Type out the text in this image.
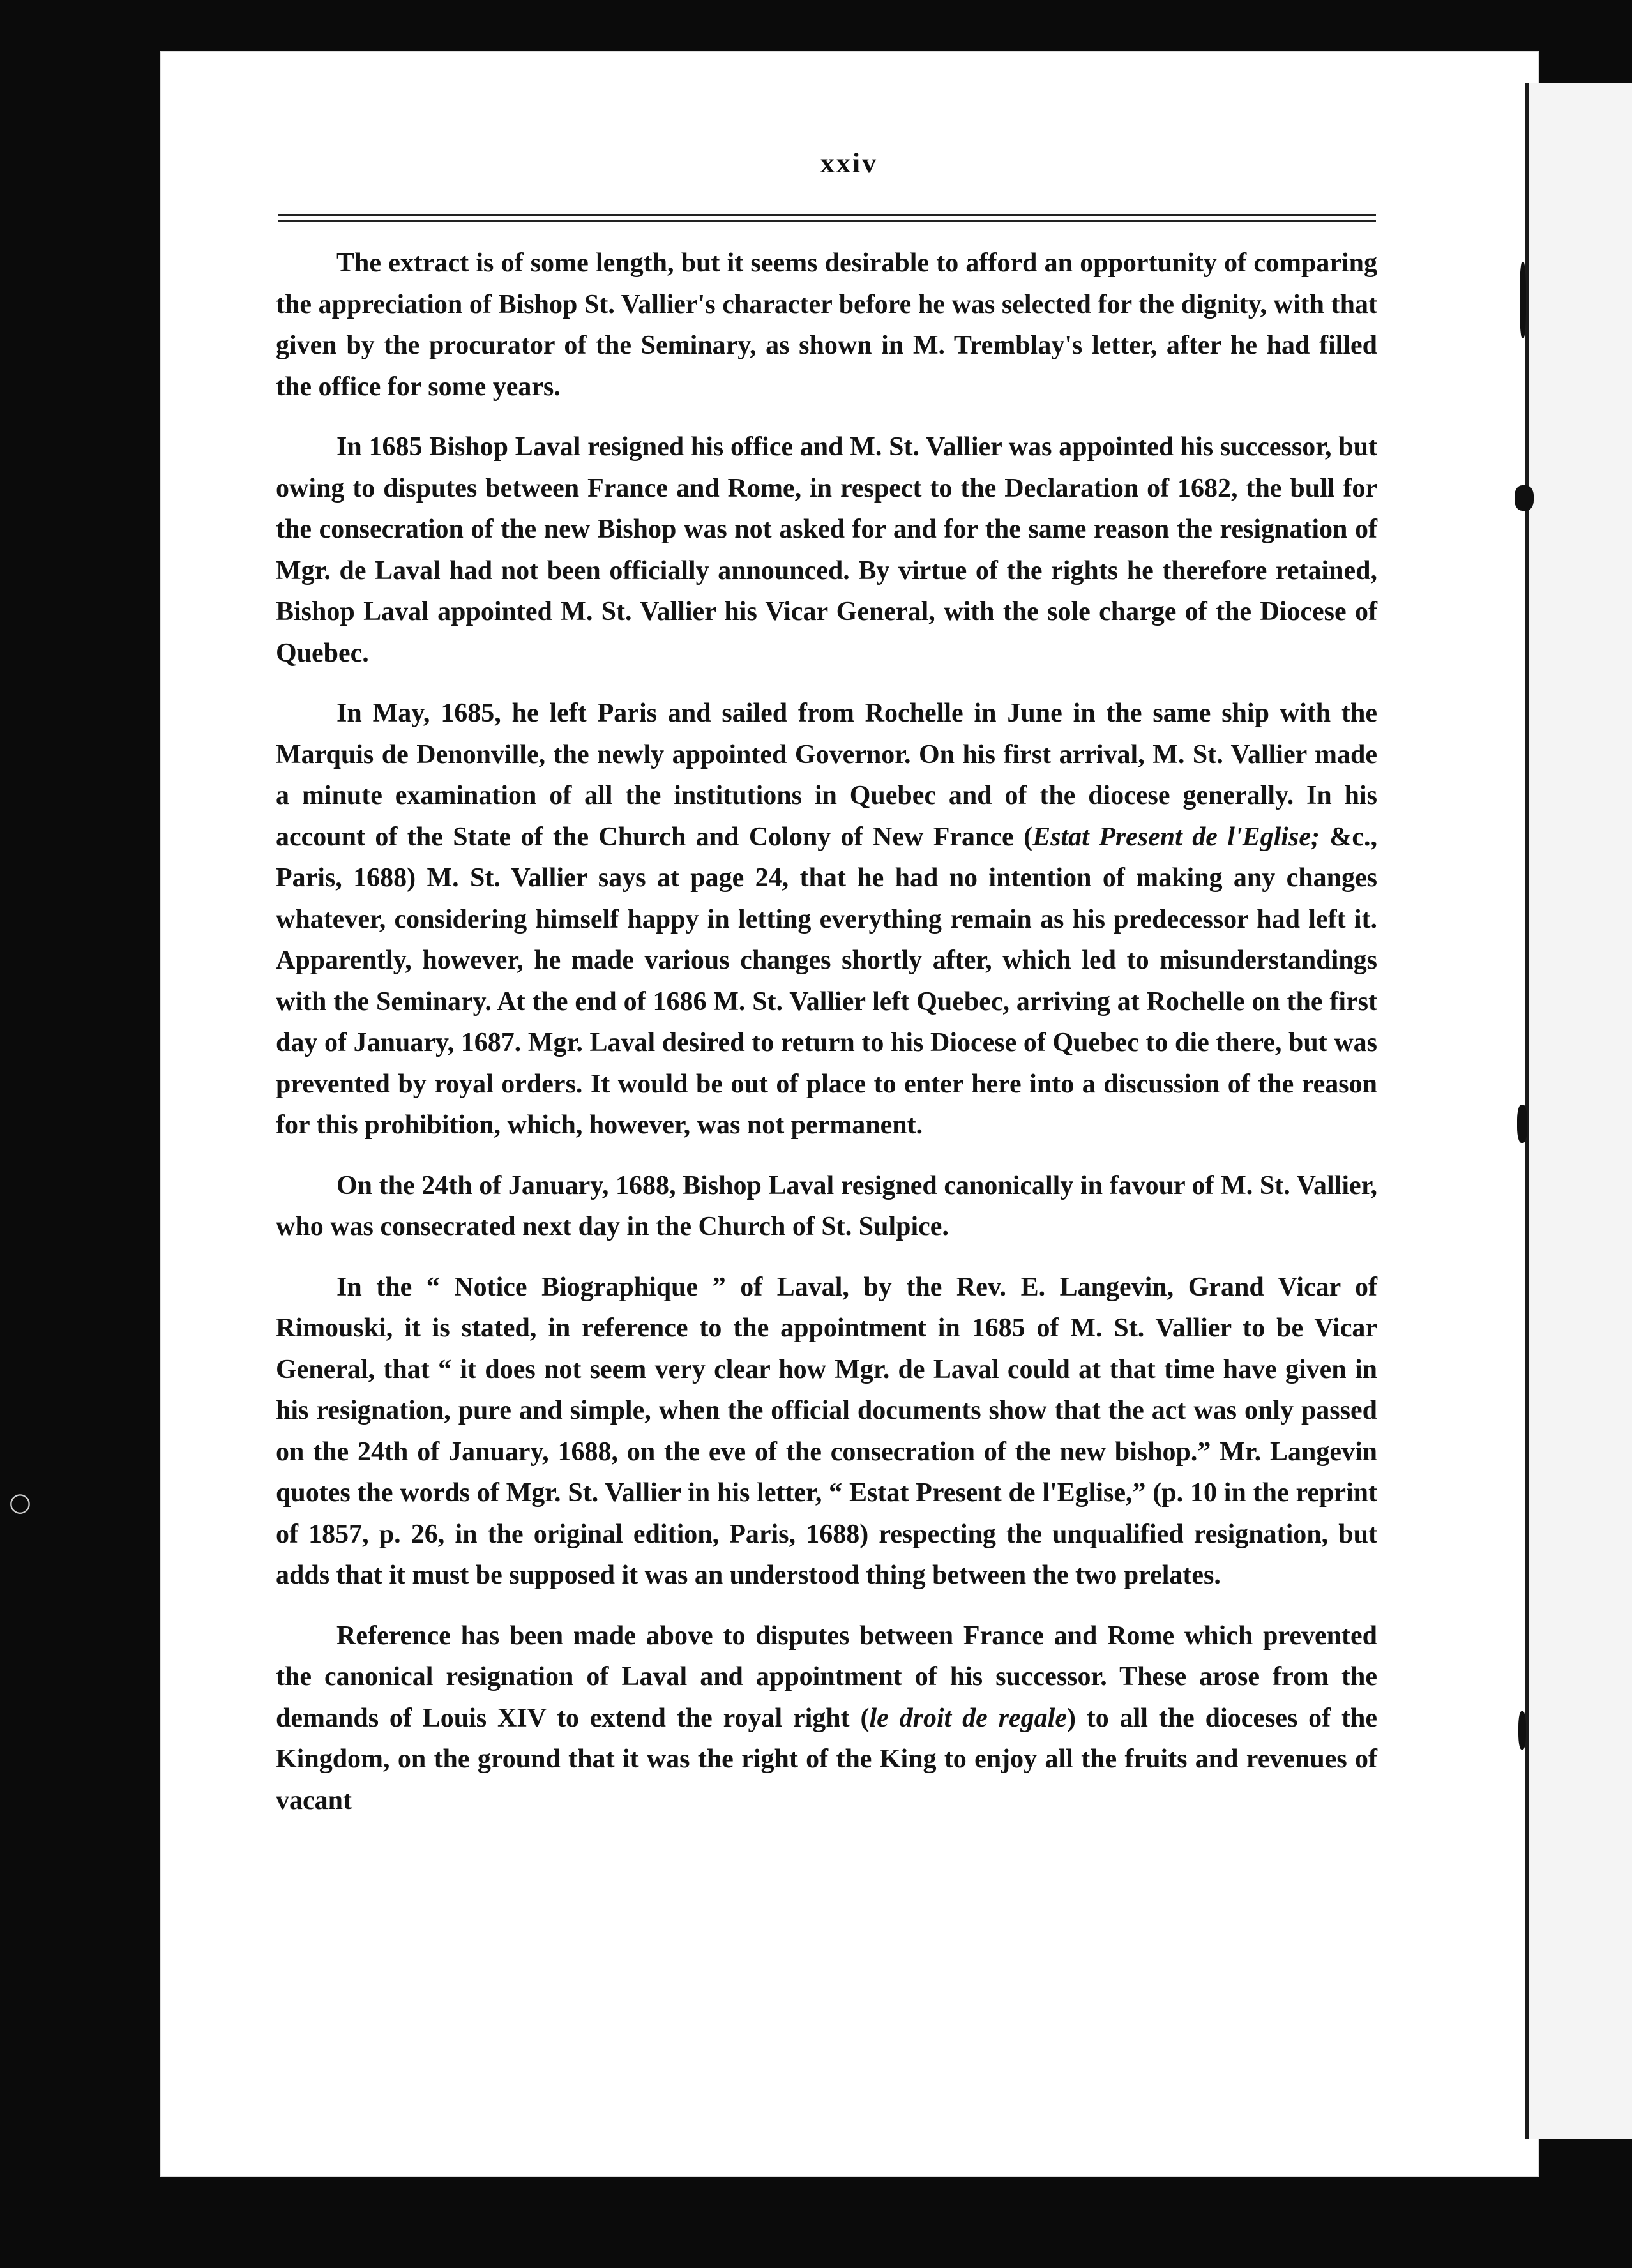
xxiv

The extract is of some length, but it seems desirable to afford an opportunity of comparing the appreciation of Bishop St. Vallier's character before he was selected for the dignity, with that given by the procurator of the Seminary, as shown in M. Tremblay's letter, after he had filled the office for some years.

In 1685 Bishop Laval resigned his office and M. St. Vallier was appointed his successor, but owing to disputes between France and Rome, in respect to the Declaration of 1682, the bull for the consecration of the new Bishop was not asked for and for the same reason the resignation of Mgr. de Laval had not been officially announced. By virtue of the rights he therefore retained, Bishop Laval appointed M. St. Vallier his Vicar General, with the sole charge of the Diocese of Quebec.

In May, 1685, he left Paris and sailed from Rochelle in June in the same ship with the Marquis de Denonville, the newly appointed Governor. On his first arrival, M. St. Vallier made a minute examination of all the institutions in Quebec and of the diocese generally. In his account of the State of the Church and Colony of New France (Estat Present de l'Eglise; &c., Paris, 1688) M. St. Vallier says at page 24, that he had no intention of making any changes whatever, considering himself happy in letting everything remain as his predecessor had left it. Apparently, however, he made various changes shortly after, which led to misunderstandings with the Seminary. At the end of 1686 M. St. Vallier left Quebec, arriving at Rochelle on the first day of January, 1687. Mgr. Laval desired to return to his Diocese of Quebec to die there, but was prevented by royal orders. It would be out of place to enter here into a discussion of the reason for this prohibition, which, however, was not permanent.

On the 24th of January, 1688, Bishop Laval resigned canonically in favour of M. St. Vallier, who was consecrated next day in the Church of St. Sulpice.

In the “ Notice Biographique ” of Laval, by the Rev. E. Langevin, Grand Vicar of Rimouski, it is stated, in reference to the appointment in 1685 of M. St. Vallier to be Vicar General, that “ it does not seem very clear how Mgr. de Laval could at that time have given in his resignation, pure and simple, when the official documents show that the act was only passed on the 24th of January, 1688, on the eve of the consecration of the new bishop.” Mr. Langevin quotes the words of Mgr. St. Vallier in his letter, “ Estat Present de l'Eglise,” (p. 10 in the reprint of 1857, p. 26, in the original edition, Paris, 1688) respecting the unqualified resignation, but adds that it must be supposed it was an understood thing between the two prelates.

Reference has been made above to disputes between France and Rome which prevented the canonical resignation of Laval and appointment of his successor. These arose from the demands of Louis XIV to extend the royal right (le droit de regale) to all the dioceses of the Kingdom, on the ground that it was the right of the King to enjoy all the fruits and revenues of vacant

○
